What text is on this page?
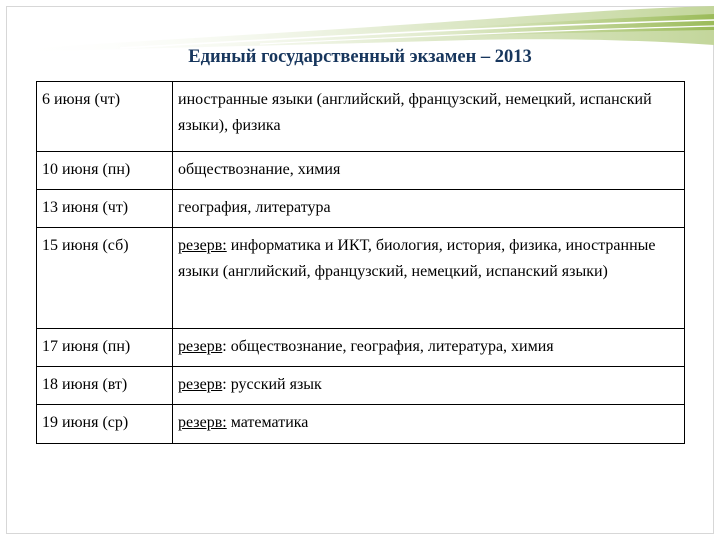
Единый государственный экзамен – 2013
6 июня (чт)	иностранные языки (английский, французский, немецкий, испанский языки), физика
10 июня (пн)	обществознание, химия
13 июня (чт)	география, литература
15 июня (сб)	резерв: информатика и ИКТ, биология, история, физика, иностранные языки (английский, французский, немецкий, испанский языки)
17 июня (пн)	резерв: обществознание, география, литература, химия
18 июня (вт)	резерв: русский язык
19 июня (ср)	резерв: математика
